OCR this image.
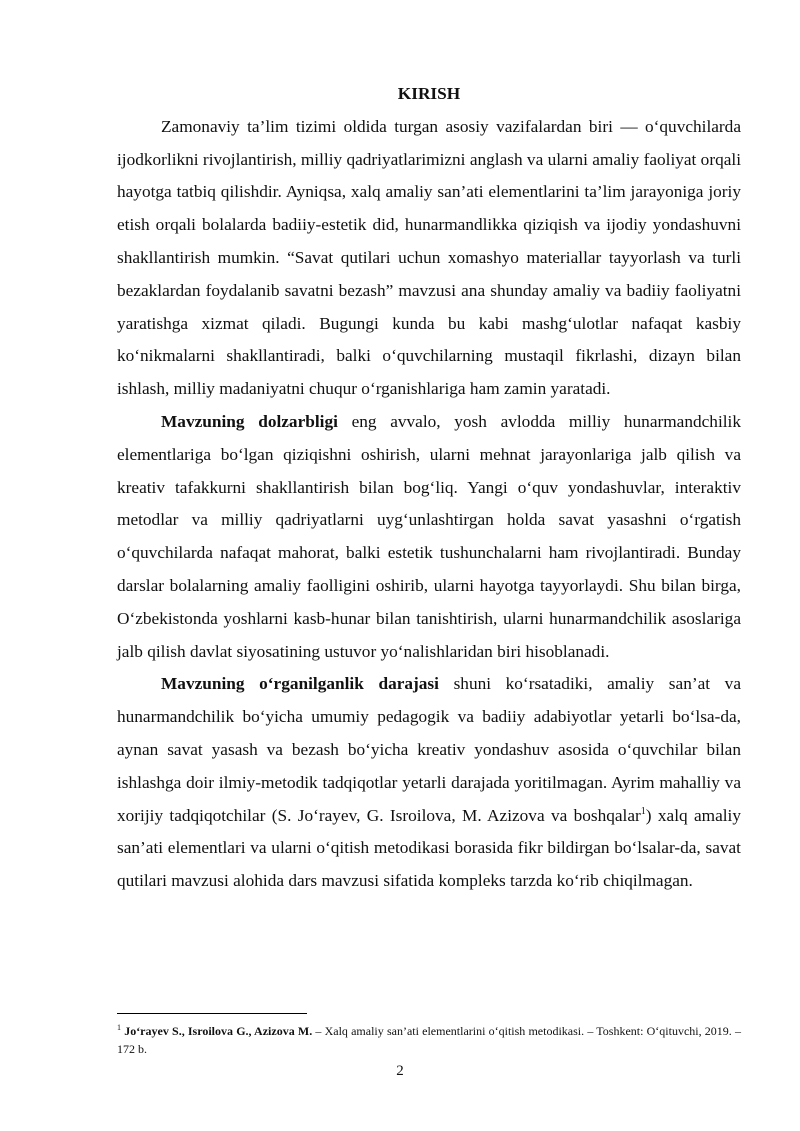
KIRISH

Zamonaviy ta’lim tizimi oldida turgan asosiy vazifalardan biri — o‘quvchilarda ijodkorlikni rivojlantirish, milliy qadriyatlarimizni anglash va ularni amaliy faoliyat orqali hayotga tatbiq qilishdir. Ayniqsa, xalq amaliy san’ati elementlarini ta’lim jarayoniga joriy etish orqali bolalarda badiiy-estetik did, hunarmandlikka qiziqish va ijodiy yondashuvni shakllantirish mumkin. “Savat qutilari uchun xomashyo materiallar tayyorlash va turli bezaklardan foydalanib savatni bezash” mavzusi ana shunday amaliy va badiiy faoliyatni yaratishga xizmat qiladi. Bugungi kunda bu kabi mashg‘ulotlar nafaqat kasbiy ko‘nikmalarni shakllantiradi, balki o‘quvchilarning mustaqil fikrlashi, dizayn bilan ishlash, milliy madaniyatni chuqur o‘rganishlariga ham zamin yaratadi.

Mavzuning dolzarbligi eng avvalo, yosh avlodda milliy hunarmandchilik elementlariga bo‘lgan qiziqishni oshirish, ularni mehnat jarayonlariga jalb qilish va kreativ tafakkurni shakllantirish bilan bog‘liq. Yangi o‘quv yondashuvlar, interaktiv metodlar va milliy qadriyatlarni uyg‘unlashtirgan holda savat yasashni o‘rgatish o‘quvchilarda nafaqat mahorat, balki estetik tushunchalarni ham rivojlantiradi. Bunday darslar bolalarning amaliy faolligini oshirib, ularni hayotga tayyorlaydi. Shu bilan birga, O‘zbekistonda yoshlarni kasb-hunar bilan tanishtirish, ularni hunarmandchilik asoslariga jalb qilish davlat siyosatining ustuvor yo‘nalishlaridan biri hisoblanadi.

Mavzuning o‘rganilganlik darajasi shuni ko‘rsatadiki, amaliy san’at va hunarmandchilik bo‘yicha umumiy pedagogik va badiiy adabiyotlar yetarli bo‘lsa-da, aynan savat yasash va bezash bo‘yicha kreativ yondashuv asosida o‘quvchilar bilan ishlashga doir ilmiy-metodik tadqiqotlar yetarli darajada yoritilmagan. Ayrim mahalliy va xorijiy tadqiqotchilar (S. Jo‘rayev, G. Isroilova, M. Azizova va boshqalar$^1$) xalq amaliy san’ati elementlari va ularni o‘qitish metodikasi borasida fikr bildirgan bo‘lsalar-da, savat qutilari mavzusi alohida dars mavzusi sifatida kompleks tarzda ko‘rib chiqilmagan.

$^1$ Jo‘rayev S., Isroilova G., Azizova M. – Xalq amaliy san’ati elementlarini o‘qitish metodikasi. – Toshkent: O‘qituvchi, 2019. – 172 b.
2
